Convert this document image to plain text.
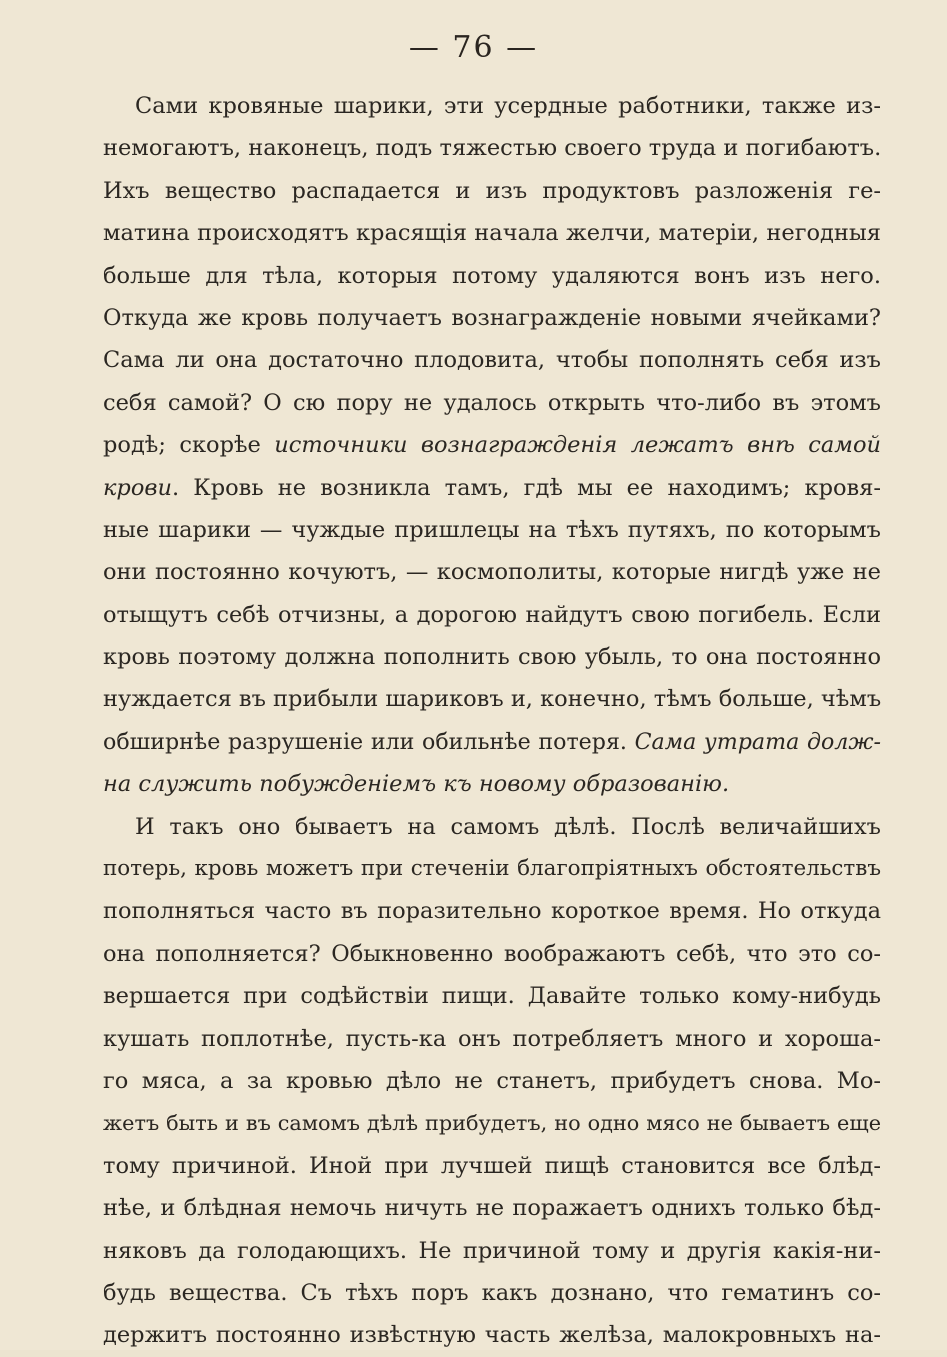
— 76 —
Сами кровяные шарики, эти усердные работники, также из-
немогаютъ, наконецъ, подъ тяжестью своего труда и погибаютъ.
Ихъ вещество распадается и изъ продуктовъ разложенія ге-
матина происходятъ красящія начала желчи, матеріи, негодныя
больше для тѣла, которыя потому удаляются вонъ изъ него.
Откуда же кровь получаетъ вознагражденіе новыми ячейками?
Сама ли она достаточно плодовита, чтобы пополнять себя изъ
себя самой? О сю пору не удалось открыть что-либо въ этомъ
родѣ; скорѣе источники вознагражденія лежатъ внѣ самой
крови. Кровь не возникла тамъ, гдѣ мы ее находимъ; кровя-
ные шарики — чуждые пришлецы на тѣхъ путяхъ, по которымъ
они постоянно кочуютъ, — космополиты, которые нигдѣ уже не
отыщутъ себѣ отчизны, а дорогою найдутъ свою погибель. Если
кровь поэтому должна пополнить свою убыль, то она постоянно
нуждается въ прибыли шариковъ и, конечно, тѣмъ больше, чѣмъ
обширнѣе разрушеніе или обильнѣе потеря. Сама утрата долж-
на служить побужденіемъ къ новому образованію.
И такъ оно бываетъ на самомъ дѣлѣ. Послѣ величайшихъ
потерь, кровь можетъ при стеченіи благопріятныхъ обстоятельствъ
пополняться часто въ поразительно короткое время. Но откуда
она пополняется? Обыкновенно воображаютъ себѣ, что это со-
вершается при содѣйствіи пищи. Давайте только кому-нибудь
кушать поплотнѣе, пусть-ка онъ потребляетъ много и хороша-
го мяса, а за кровью дѣло не станетъ, прибудетъ снова. Мо-
жетъ быть и въ самомъ дѣлѣ прибудетъ, но одно мясо не бываетъ еще
тому причиной. Иной при лучшей пищѣ становится все блѣд-
нѣе, и блѣдная немочь ничуть не поражаетъ однихъ только бѣд-
няковъ да голодающихъ. Не причиной тому и другія какія-ни-
будь вещества. Съ тѣхъ поръ какъ дознано, что гематинъ со-
держитъ постоянно извѣстную часть желѣза, малокровныхъ на-
